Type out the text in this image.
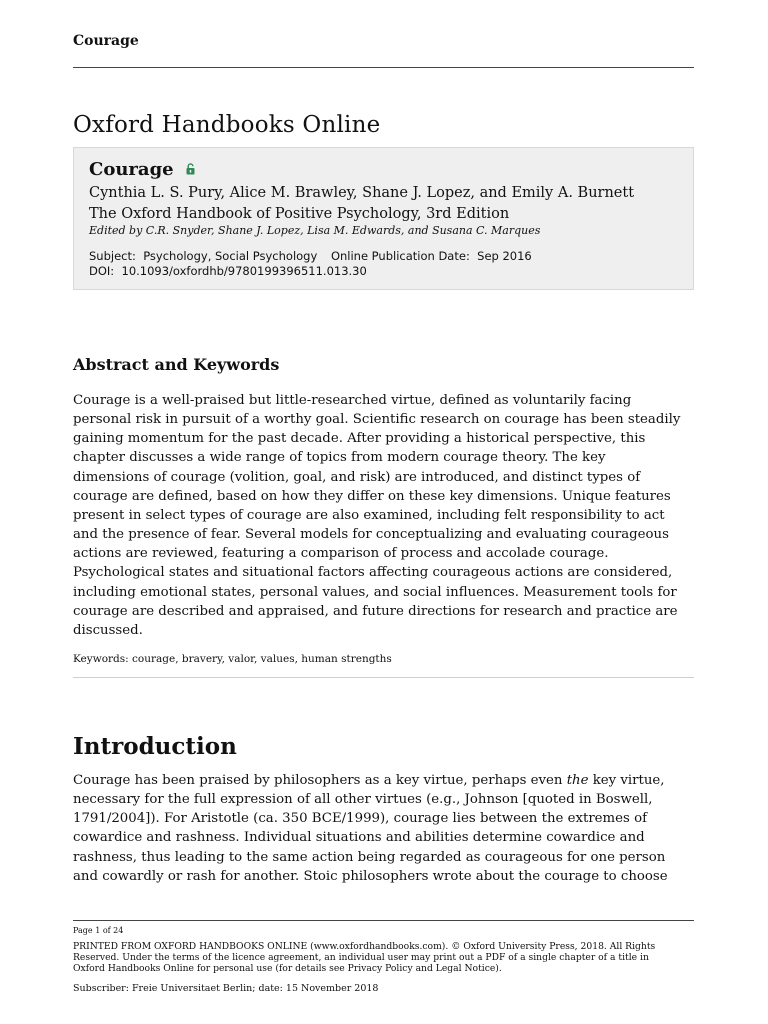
Courage
Oxford Handbooks Online
Courage
Cynthia L. S. Pury, Alice M. Brawley, Shane J. Lopez, and Emily A. Burnett
The Oxford Handbook of Positive Psychology, 3rd Edition
Edited by C.R. Snyder, Shane J. Lopez, Lisa M. Edwards, and Susana C. Marques
Subject: Psychology, Social Psychology Online Publication Date: Sep 2016
DOI: 10.1093/oxfordhb/9780199396511.013.30
Abstract and Keywords
Courage is a well-praised but little-researched virtue, defined as voluntarily facing
personal risk in pursuit of a worthy goal. Scientific research on courage has been steadily
gaining momentum for the past decade. After providing a historical perspective, this
chapter discusses a wide range of topics from modern courage theory. The key
dimensions of courage (volition, goal, and risk) are introduced, and distinct types of
courage are defined, based on how they differ on these key dimensions. Unique features
present in select types of courage are also examined, including felt responsibility to act
and the presence of fear. Several models for conceptualizing and evaluating courageous
actions are reviewed, featuring a comparison of process and accolade courage.
Psychological states and situational factors affecting courageous actions are considered,
including emotional states, personal values, and social influences. Measurement tools for
courage are described and appraised, and future directions for research and practice are
discussed.
Keywords: courage, bravery, valor, values, human strengths
Introduction
Courage has been praised by philosophers as a key virtue, perhaps even the key virtue,
necessary for the full expression of all other virtues (e.g., Johnson [quoted in Boswell,
1791/2004]). For Aristotle (ca. 350 BCE/1999), courage lies between the extremes of
cowardice and rashness. Individual situations and abilities determine cowardice and
rashness, thus leading to the same action being regarded as courageous for one person
and cowardly or rash for another. Stoic philosophers wrote about the courage to choose
Page 1 of 24
PRINTED FROM OXFORD HANDBOOKS ONLINE (www.oxfordhandbooks.com). © Oxford University Press, 2018. All Rights
Reserved. Under the terms of the licence agreement, an individual user may print out a PDF of a single chapter of a title in
Oxford Handbooks Online for personal use (for details see Privacy Policy and Legal Notice).
Subscriber: Freie Universitaet Berlin; date: 15 November 2018
